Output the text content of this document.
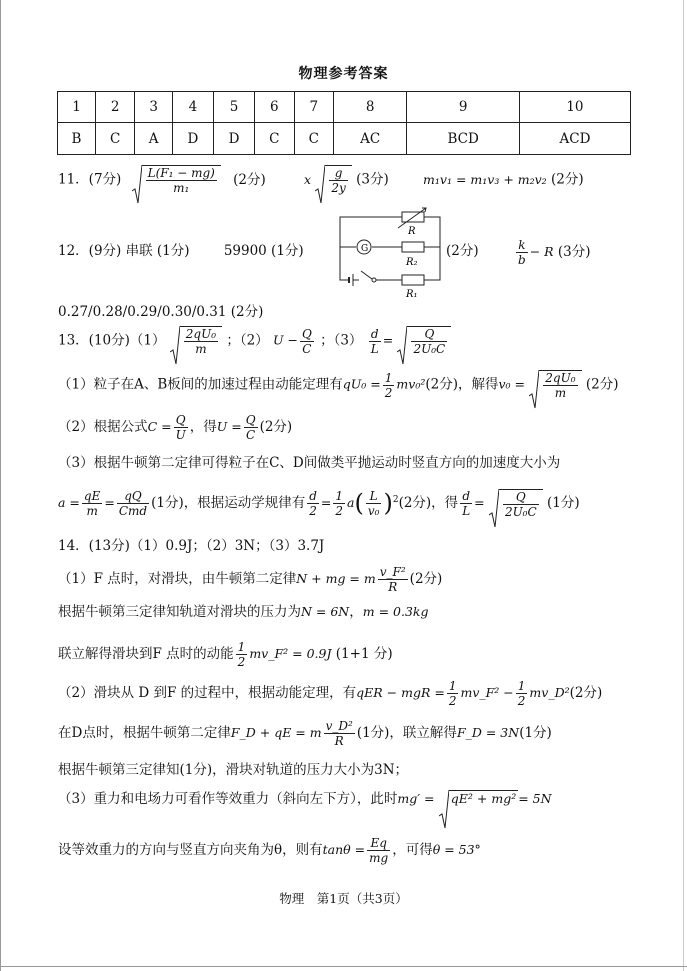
物理参考答案
1	2	3	4	5	6	7	8	9	10
B	C	A	D	D	C	C	AC	BCD	ACD
11．(7分) $\frac{\text{L(F₁ − mg)}}{\text{m₁}} (2$分)	x $\frac{g}{2y} (3$分)	m₁v₁ = m₁v₃ + m₂v₂ (2分)
12．(9分) 串联 (1分)	59900 (1分)	G
R
R₂
R₁
(2分)	$\frac{k}{b} - R$ (3分)
0.27/0.28/0.29/0.30/0.31 (2分)
13．(10分)$(1) \frac{\text{2qU₀}}{m}$ ；（2） $U - \frac{Q}{C}$ ；$(3) \frac{d}{L} = \frac{Q}{\text{2U₀C}}$
（1）粒子在A、B板间的加速过程由动能定理有$qU_0 = \frac{1}{2} mv_0^2(2$分)，解得$v_0 = \frac{\text{2qU₀}}{m} (2$分)
（2）根据公式$C = \frac{Q}{U}$ ，得$U = \frac{Q}{C} (2$分)
（3）根据牛顿第二定律可得粒子在C、D间做类平抛运动时竖直方向的加速度大小为
$a = \frac{qE}{m} = \frac{qQ}{\text{Cmd}} (1$分)，根据运动学规律有 $\frac{d}{2} = \frac{1}{2} a( \frac{L}{\text{v₀}} )^2(2$分)，得 $\frac{d}{L} = \frac{Q}{\text{2U₀C}} (1$分)
14．(13分)（1）0.9J；（2）3N；（3）3.7J
（1）F 点时，对滑块，由牛顿第二定律N + mg = m $\frac{\text{v\_F²}}{R} (2$分)
根据牛顿第三定律知轨道对滑块的压力为N = 6N，m = 0.3kg
联立解得滑块到F 点时的动能 $\frac{1}{2}$ mv_F² = 0.9J (1+1 分)
（2）滑块从 D 到F 的过程中，根据动能定理，有qER − mgR = $\frac{1}{2}$ mv_F² − $\frac{1}{2}$ mv_D²(2分)
在D点时，根据牛顿第二定律F_D + qE = m $\frac{\text{v\_D²}}{R} (1$分)，联立解得F_D = 3N(1分)
根据牛顿第三定律知(1分)，滑块对轨道的压力大小为3N；
（3）重力和电场力可看作等效重力（斜向左下方），此时mg′ = qE² + mg² = 5N
设等效重力的方向与竖直方向夹角为θ，则有$\tan\theta = \frac{Eq}{mg}$ ，可得θ = 53°
物理　第1页（共3页）
